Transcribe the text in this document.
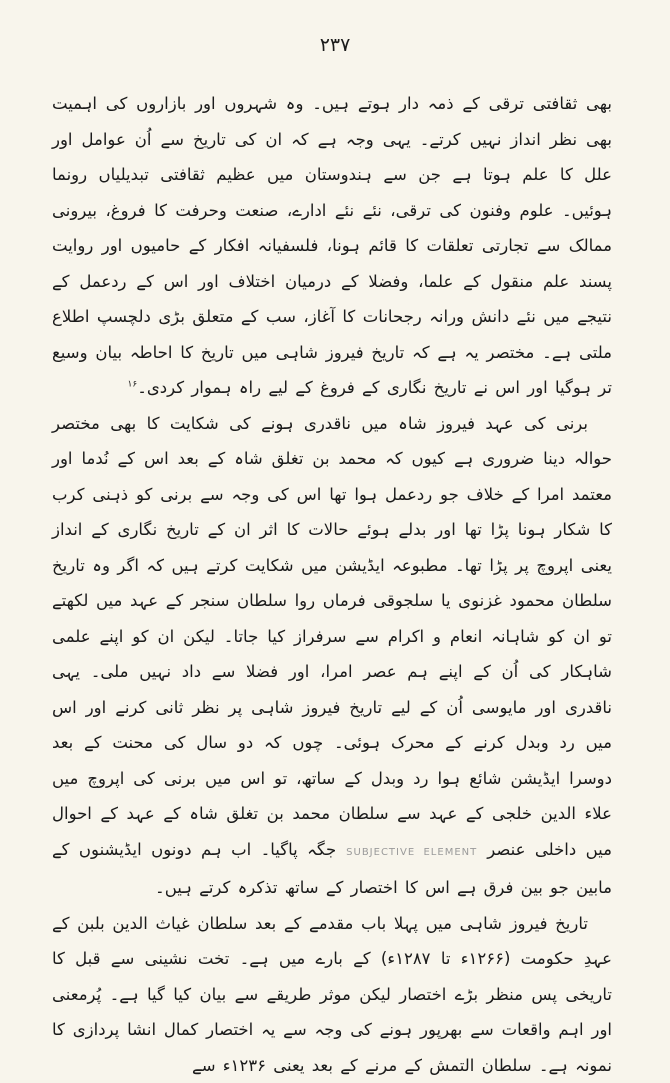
۲۳۷

بھی ثقافتی ترقی کے ذمہ دار ہوتے ہیں۔ وہ شہروں اور بازاروں کی اہمیت بھی نظر انداز نہیں کرتے۔ یہی وجہ ہے کہ ان کی تاریخ سے اُن عوامل اور علل کا علم ہوتا ہے جن سے ہندوستان میں عظیم ثقافتی تبدیلیاں رونما ہوئیں۔ علوم وفنون کی ترقی، نئے نئے ادارے، صنعت وحرفت کا فروغ، بیرونی ممالک سے تجارتی تعلقات کا قائم ہونا، فلسفیانہ افکار کے حامیوں اور روایت پسند علم منقول کے علما، وفضلا کے درمیان اختلاف اور اس کے ردعمل کے نتیجے میں نئے دانش ورانہ رجحانات کا آغاز، سب کے متعلق بڑی دلچسپ اطلاع ملتی ہے۔ مختصر یہ ہے کہ تاریخ فیروز شاہی میں تاریخ کا احاطہ بیان وسیع تر ہوگیا اور اس نے تاریخ نگاری کے فروغ کے لیے راہ ہموار کردی۔$^{۱۶}$

برنی کی عہد فیروز شاہ میں ناقدری ہونے کی شکایت کا بھی مختصر حوالہ دینا ضروری ہے کیوں کہ محمد بن تغلق شاہ کے بعد اس کے نُدما اور معتمد امرا کے خلاف جو ردعمل ہوا تھا اس کی وجہ سے برنی کو ذہنی کرب کا شکار ہونا پڑا تھا اور بدلے ہوئے حالات کا اثر ان کے تاریخ نگاری کے انداز یعنی اپروچ پر پڑا تھا۔ مطبوعہ ایڈیشن میں شکایت کرتے ہیں کہ اگر وہ تاریخ سلطان محمود غزنوی یا سلجوقی فرماں روا سلطان سنجر کے عہد میں لکھتے تو ان کو شاہانہ انعام و اکرام سے سرفراز کیا جاتا۔ لیکن ان کو اپنے علمی شاہکار کی اُن کے اپنے ہم عصر امرا، اور فضلا سے داد نہیں ملی۔ یہی ناقدری اور مایوسی اُن کے لیے تاریخ فیروز شاہی پر نظر ثانی کرنے اور اس میں رد وبدل کرنے کے محرک ہوئی۔ چوں کہ دو سال کی محنت کے بعد دوسرا ایڈیشن شائع ہوا رد وبدل کے ساتھ، تو اس میں برنی کی اپروچ میں علاء الدین خلجی کے عہد سے سلطان محمد بن تغلق شاہ کے عہد کے احوال میں داخلی عنصرSUBJECTIVE ELEMENTجگہ پاگیا۔ اب ہم دونوں ایڈیشنوں کے مابین جو بین فرق ہے اس کا اختصار کے ساتھ تذکرہ کرتے ہیں۔

تاریخ فیروز شاہی میں پہلا باب مقدمے کے بعد سلطان غیاث الدین بلبن کے عہدِ حکومت (۱۲۶۶ء تا ۱۲۸۷ء) کے بارے میں ہے۔ تخت نشینی سے قبل کا تاریخی پس منظر بڑے اختصار لیکن موثر طریقے سے بیان کیا گیا ہے۔ پُرمعنی اور اہم واقعات سے بھرپور ہونے کی وجہ سے یہ اختصار کمال انشا پردازی کا نمونہ ہے۔ سلطان التمش کے مرنے کے بعد یعنی ۱۲۳۶ء سے
